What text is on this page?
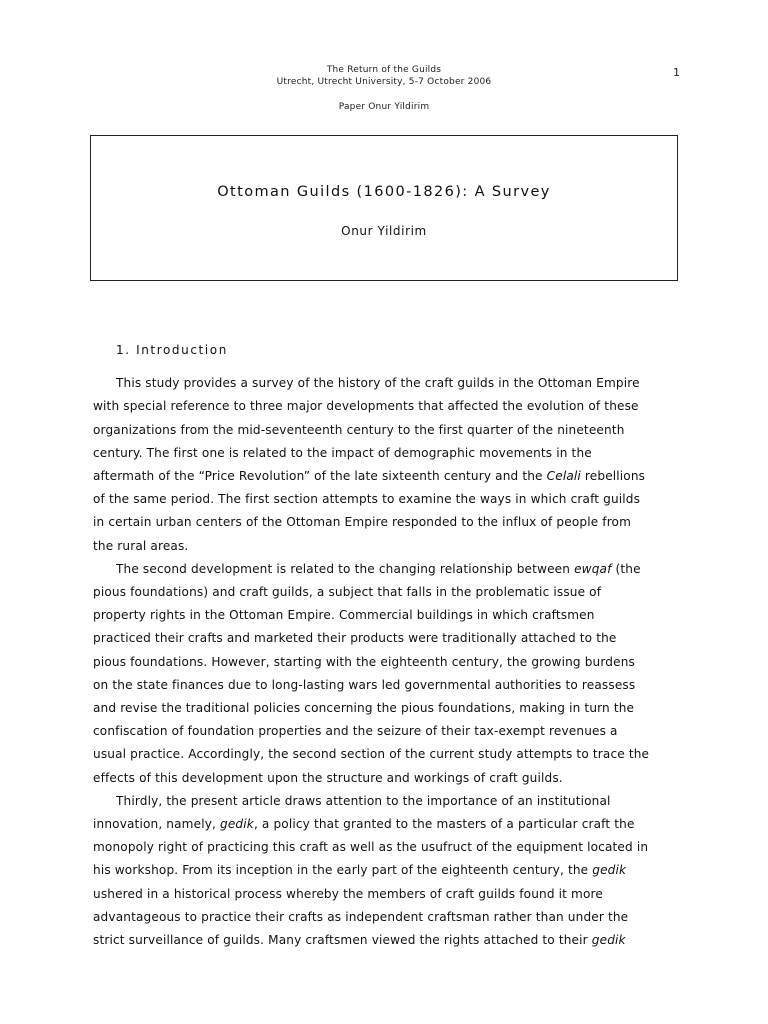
The Return of the Guilds
Utrecht, Utrecht University, 5-7 October 2006
Paper Onur Yildirim
1
Ottoman Guilds (1600-1826): A Survey
Onur Yildirim
1. Introduction
This study provides a survey of the history of the craft guilds in the Ottoman Empire
with special reference to three major developments that affected the evolution of these
organizations from the mid-seventeenth century to the first quarter of the nineteenth
century. The first one is related to the impact of demographic movements in the
aftermath of the “Price Revolution” of the late sixteenth century and the Celali rebellions
of the same period. The first section attempts to examine the ways in which craft guilds
in certain urban centers of the Ottoman Empire responded to the influx of people from
the rural areas.
The second development is related to the changing relationship between ewqaf (the
pious foundations) and craft guilds, a subject that falls in the problematic issue of
property rights in the Ottoman Empire. Commercial buildings in which craftsmen
practiced their crafts and marketed their products were traditionally attached to the
pious foundations. However, starting with the eighteenth century, the growing burdens
on the state finances due to long-lasting wars led governmental authorities to reassess
and revise the traditional policies concerning the pious foundations, making in turn the
confiscation of foundation properties and the seizure of their tax-exempt revenues a
usual practice. Accordingly, the second section of the current study attempts to trace the
effects of this development upon the structure and workings of craft guilds.
Thirdly, the present article draws attention to the importance of an institutional
innovation, namely, gedik, a policy that granted to the masters of a particular craft the
monopoly right of practicing this craft as well as the usufruct of the equipment located in
his workshop. From its inception in the early part of the eighteenth century, the gedik
ushered in a historical process whereby the members of craft guilds found it more
advantageous to practice their crafts as independent craftsman rather than under the
strict surveillance of guilds. Many craftsmen viewed the rights attached to their gedik
